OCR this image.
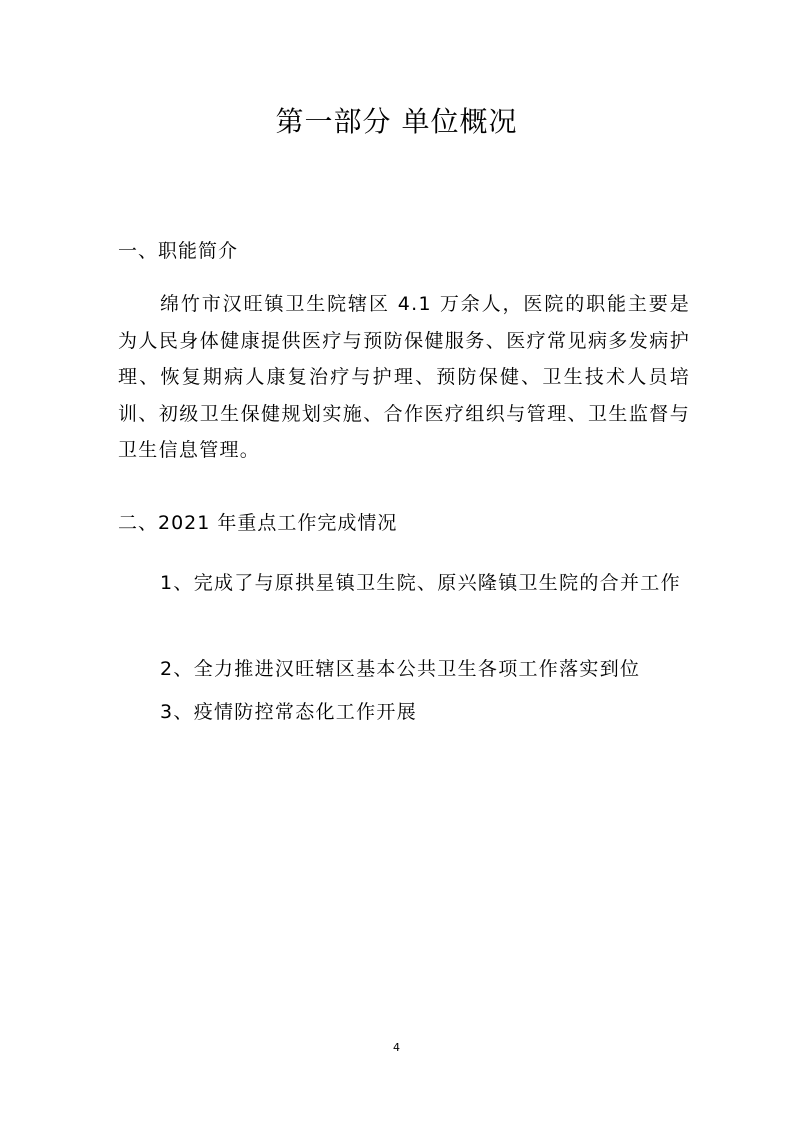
第一部分 单位概况
一、职能简介
绵竹市汉旺镇卫生院辖区 4.1 万余人，医院的职能主要是为人民身体健康提供医疗与预防保健服务、医疗常见病多发病护理、恢复期病人康复治疗与护理、预防保健、卫生技术人员培训、初级卫生保健规划实施、合作医疗组织与管理、卫生监督与卫生信息管理。
二、2021 年重点工作完成情况
1、完成了与原拱星镇卫生院、原兴隆镇卫生院的合并工作
2、全力推进汉旺辖区基本公共卫生各项工作落实到位
3、疫情防控常态化工作开展
4
